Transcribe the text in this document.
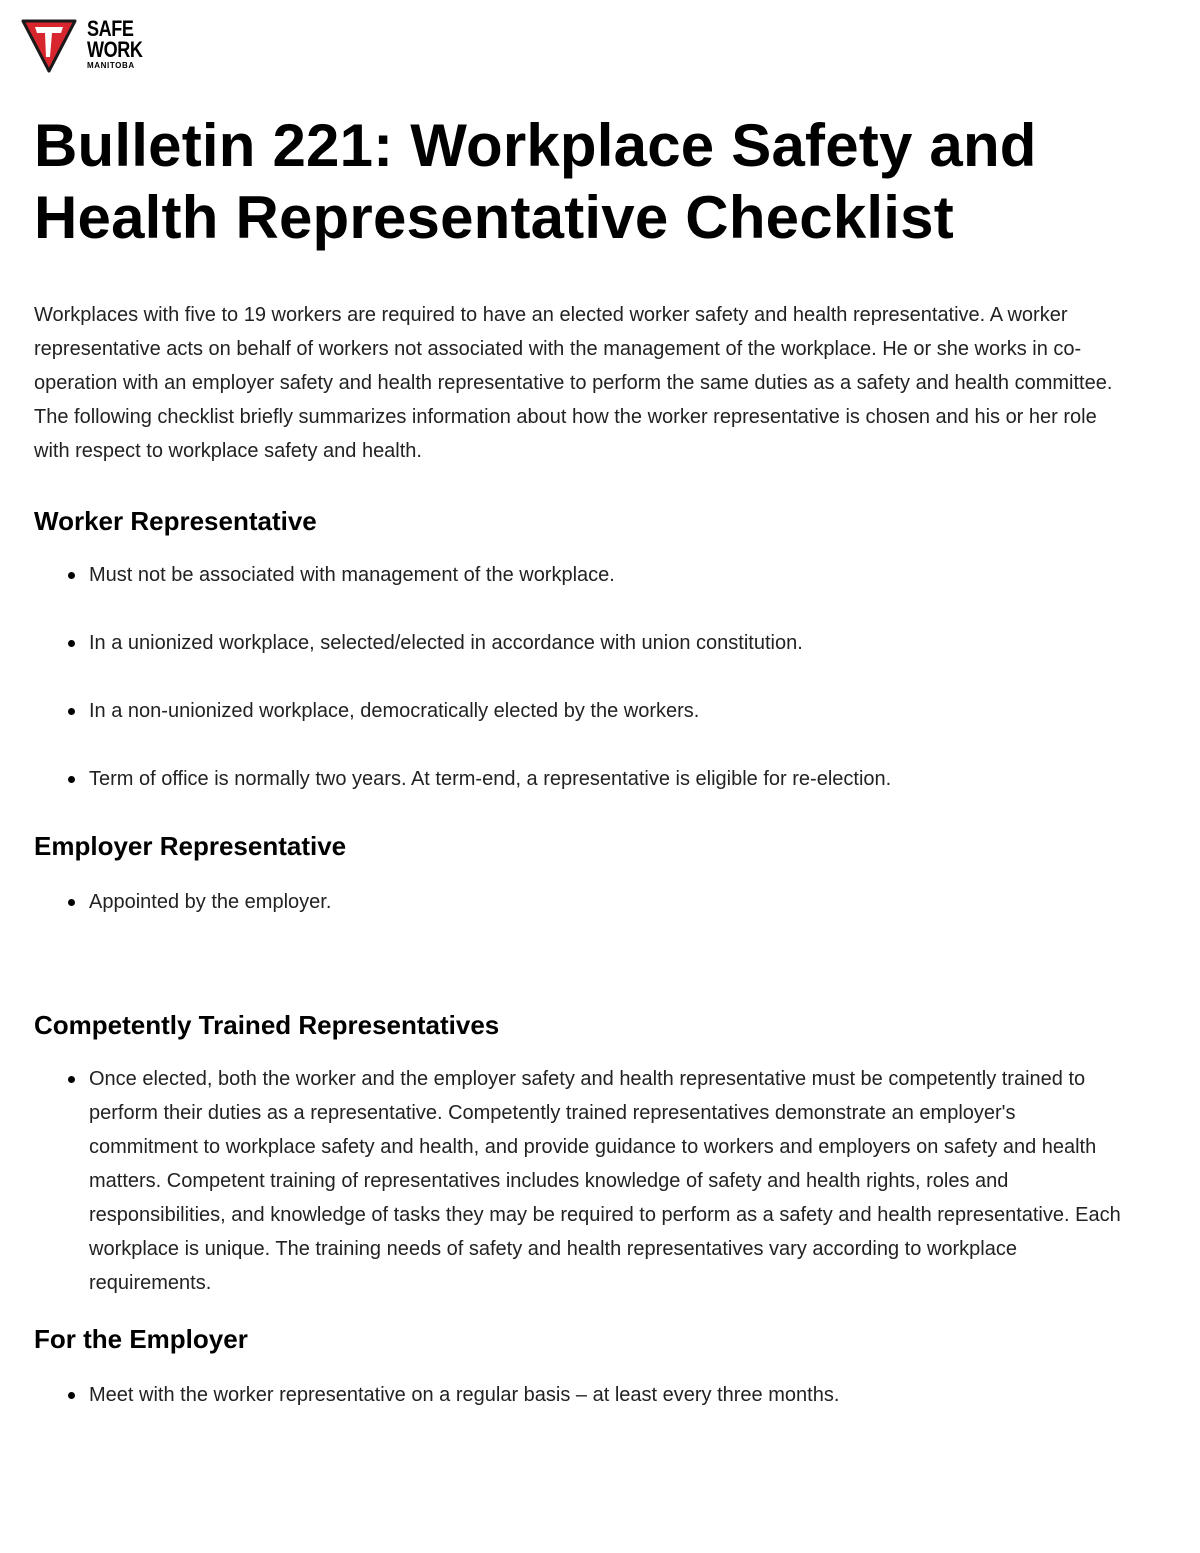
SAFE
WORK
MANITOBA
Bulletin 221: Workplace Safety and Health Representative Checklist

Workplaces with five to 19 workers are required to have an elected worker safety and health representative. A worker representative acts on behalf of workers not associated with the management of the workplace. He or she works in co-operation with an employer safety and health representative to perform the same duties as a safety and health committee. The following checklist briefly summarizes information about how the worker representative is chosen and his or her role with respect to workplace safety and health.

Worker Representative
Must not be associated with management of the workplace.
In a unionized workplace, selected/elected in accordance with union constitution.
In a non-unionized workplace, democratically elected by the workers.
Term of office is normally two years. At term-end, a representative is eligible for re-election.
Employer Representative
Appointed by the employer.
Competently Trained Representatives
Once elected, both the worker and the employer safety and health representative must be competently trained to perform their duties as a representative. Competently trained representatives demonstrate an employer's commitment to workplace safety and health, and provide guidance to workers and employers on safety and health matters. Competent training of representatives includes knowledge of safety and health rights, roles and responsibilities, and knowledge of tasks they may be required to perform as a safety and health representative. Each workplace is unique. The training needs of safety and health representatives vary according to workplace requirements.
For the Employer
Meet with the worker representative on a regular basis – at least every three months.
